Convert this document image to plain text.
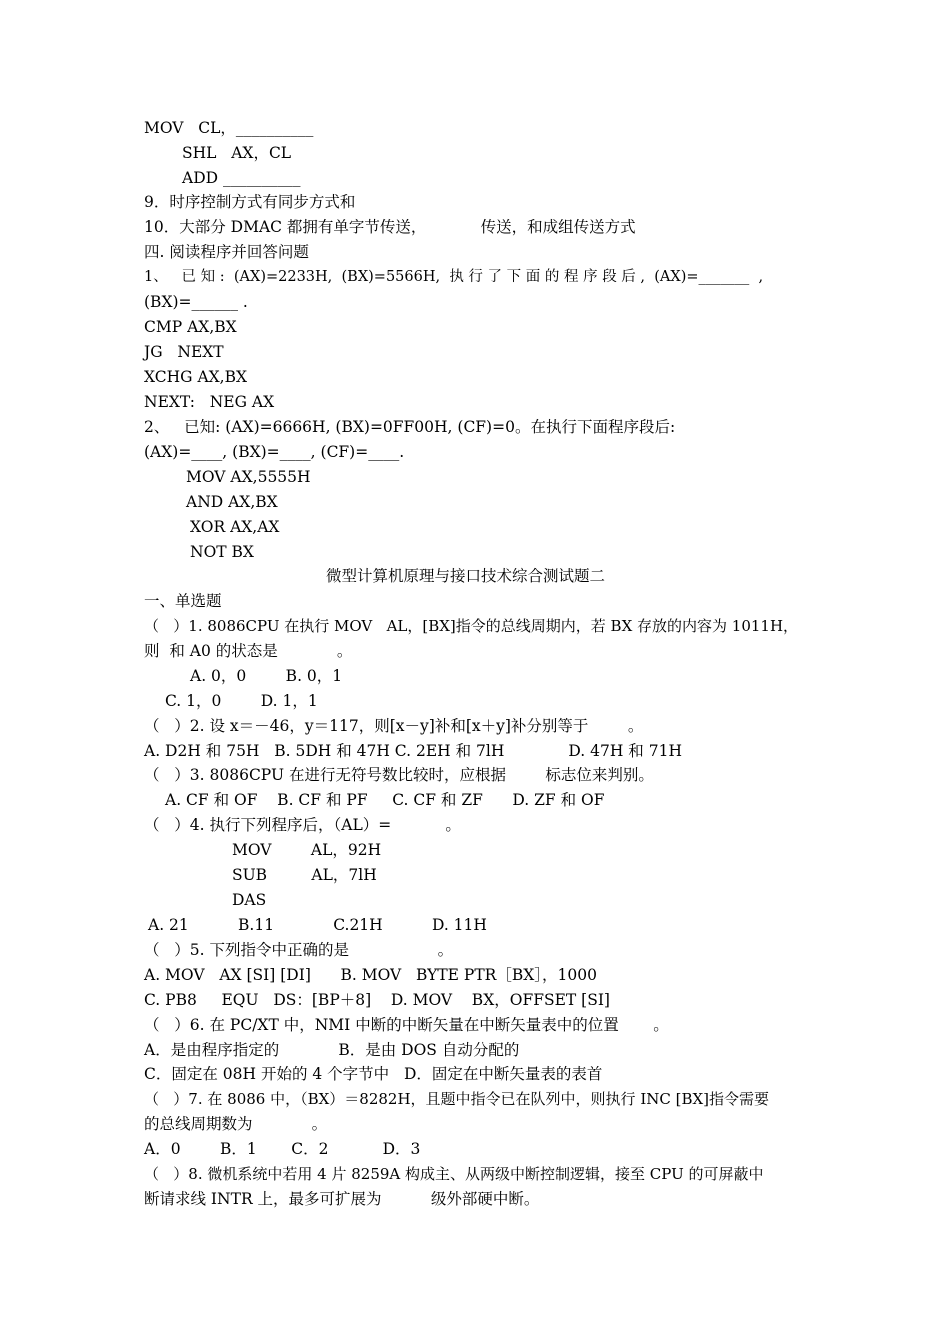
MOV   CL，__________
SHL   AX，CL
ADD __________
9．时序控制方式有同步方式和
10．大部分 DMAC 都拥有单字节传送，           传送，和成组传送方式
四. 阅读程序并回答问题
1、   已 知 :  (AX)=2233H,  (BX)=5566H,  执 行 了 下 面 的 程 序 段 后 ,  (AX)=_______  ,
(BX)=______ .
CMP AX,BX
JG   NEXT
XCHG AX,BX
NEXT:   NEG AX
2、   已知: (AX)=6666H, (BX)=0FF00H, (CF)=0。在执行下面程序段后:
(AX)=____, (BX)=____, (CF)=____.
MOV AX,5555H
AND AX,BX
XOR AX,AX
NOT BX
微型计算机原理与接口技术综合测试题二
一、单选题
（   ）1. 8086CPU 在执行 MOV   AL，[BX]指令的总线周期内，若 BX 存放的内容为 1011H，
则  和 A0 的状态是            。
A. 0，0        B. 0，1
C. 1，0        D. 1，1
（   ）2. 设 x＝－46，y＝117，则[x－y]补和[x＋y]补分别等于        。
A. D2H 和 75H   B. 5DH 和 47H C. 2EH 和 7lH             D. 47H 和 71H
（   ）3. 8086CPU 在进行无符号数比较时，应根据        标志位来判别。
A. CF 和 OF    B. CF 和 PF     C. CF 和 ZF      D. ZF 和 OF
（   ）4. 执行下列程序后，（AL）=           。
MOV        AL，92H
SUB         AL，7lH
DAS
A. 21          B.11            C.21H          D. 11H
（   ）5. 下列指令中正确的是                  。
A. MOV   AX [SI] [DI]      B. MOV   BYTE PTR［BX］，1000
C. PB8     EQU   DS：[BP＋8]    D. MOV    BX，OFFSET [SI]
（   ）6. 在 PC/XT 中，NMI 中断的中断矢量在中断矢量表中的位置       。
A．是由程序指定的            B．是由 DOS 自动分配的
C．固定在 08H 开始的 4 个字节中   D．固定在中断矢量表的表首
（   ）7. 在 8086 中，（BX）＝8282H，且题中指令已在队列中，则执行 INC [BX]指令需要
的总线周期数为            。
A．0        B．1       C．2           D．3
（   ）8. 微机系统中若用 4 片 8259A 构成主、从两级中断控制逻辑，接至 CPU 的可屏蔽中
断请求线 INTR 上，最多可扩展为          级外部硬中断。
